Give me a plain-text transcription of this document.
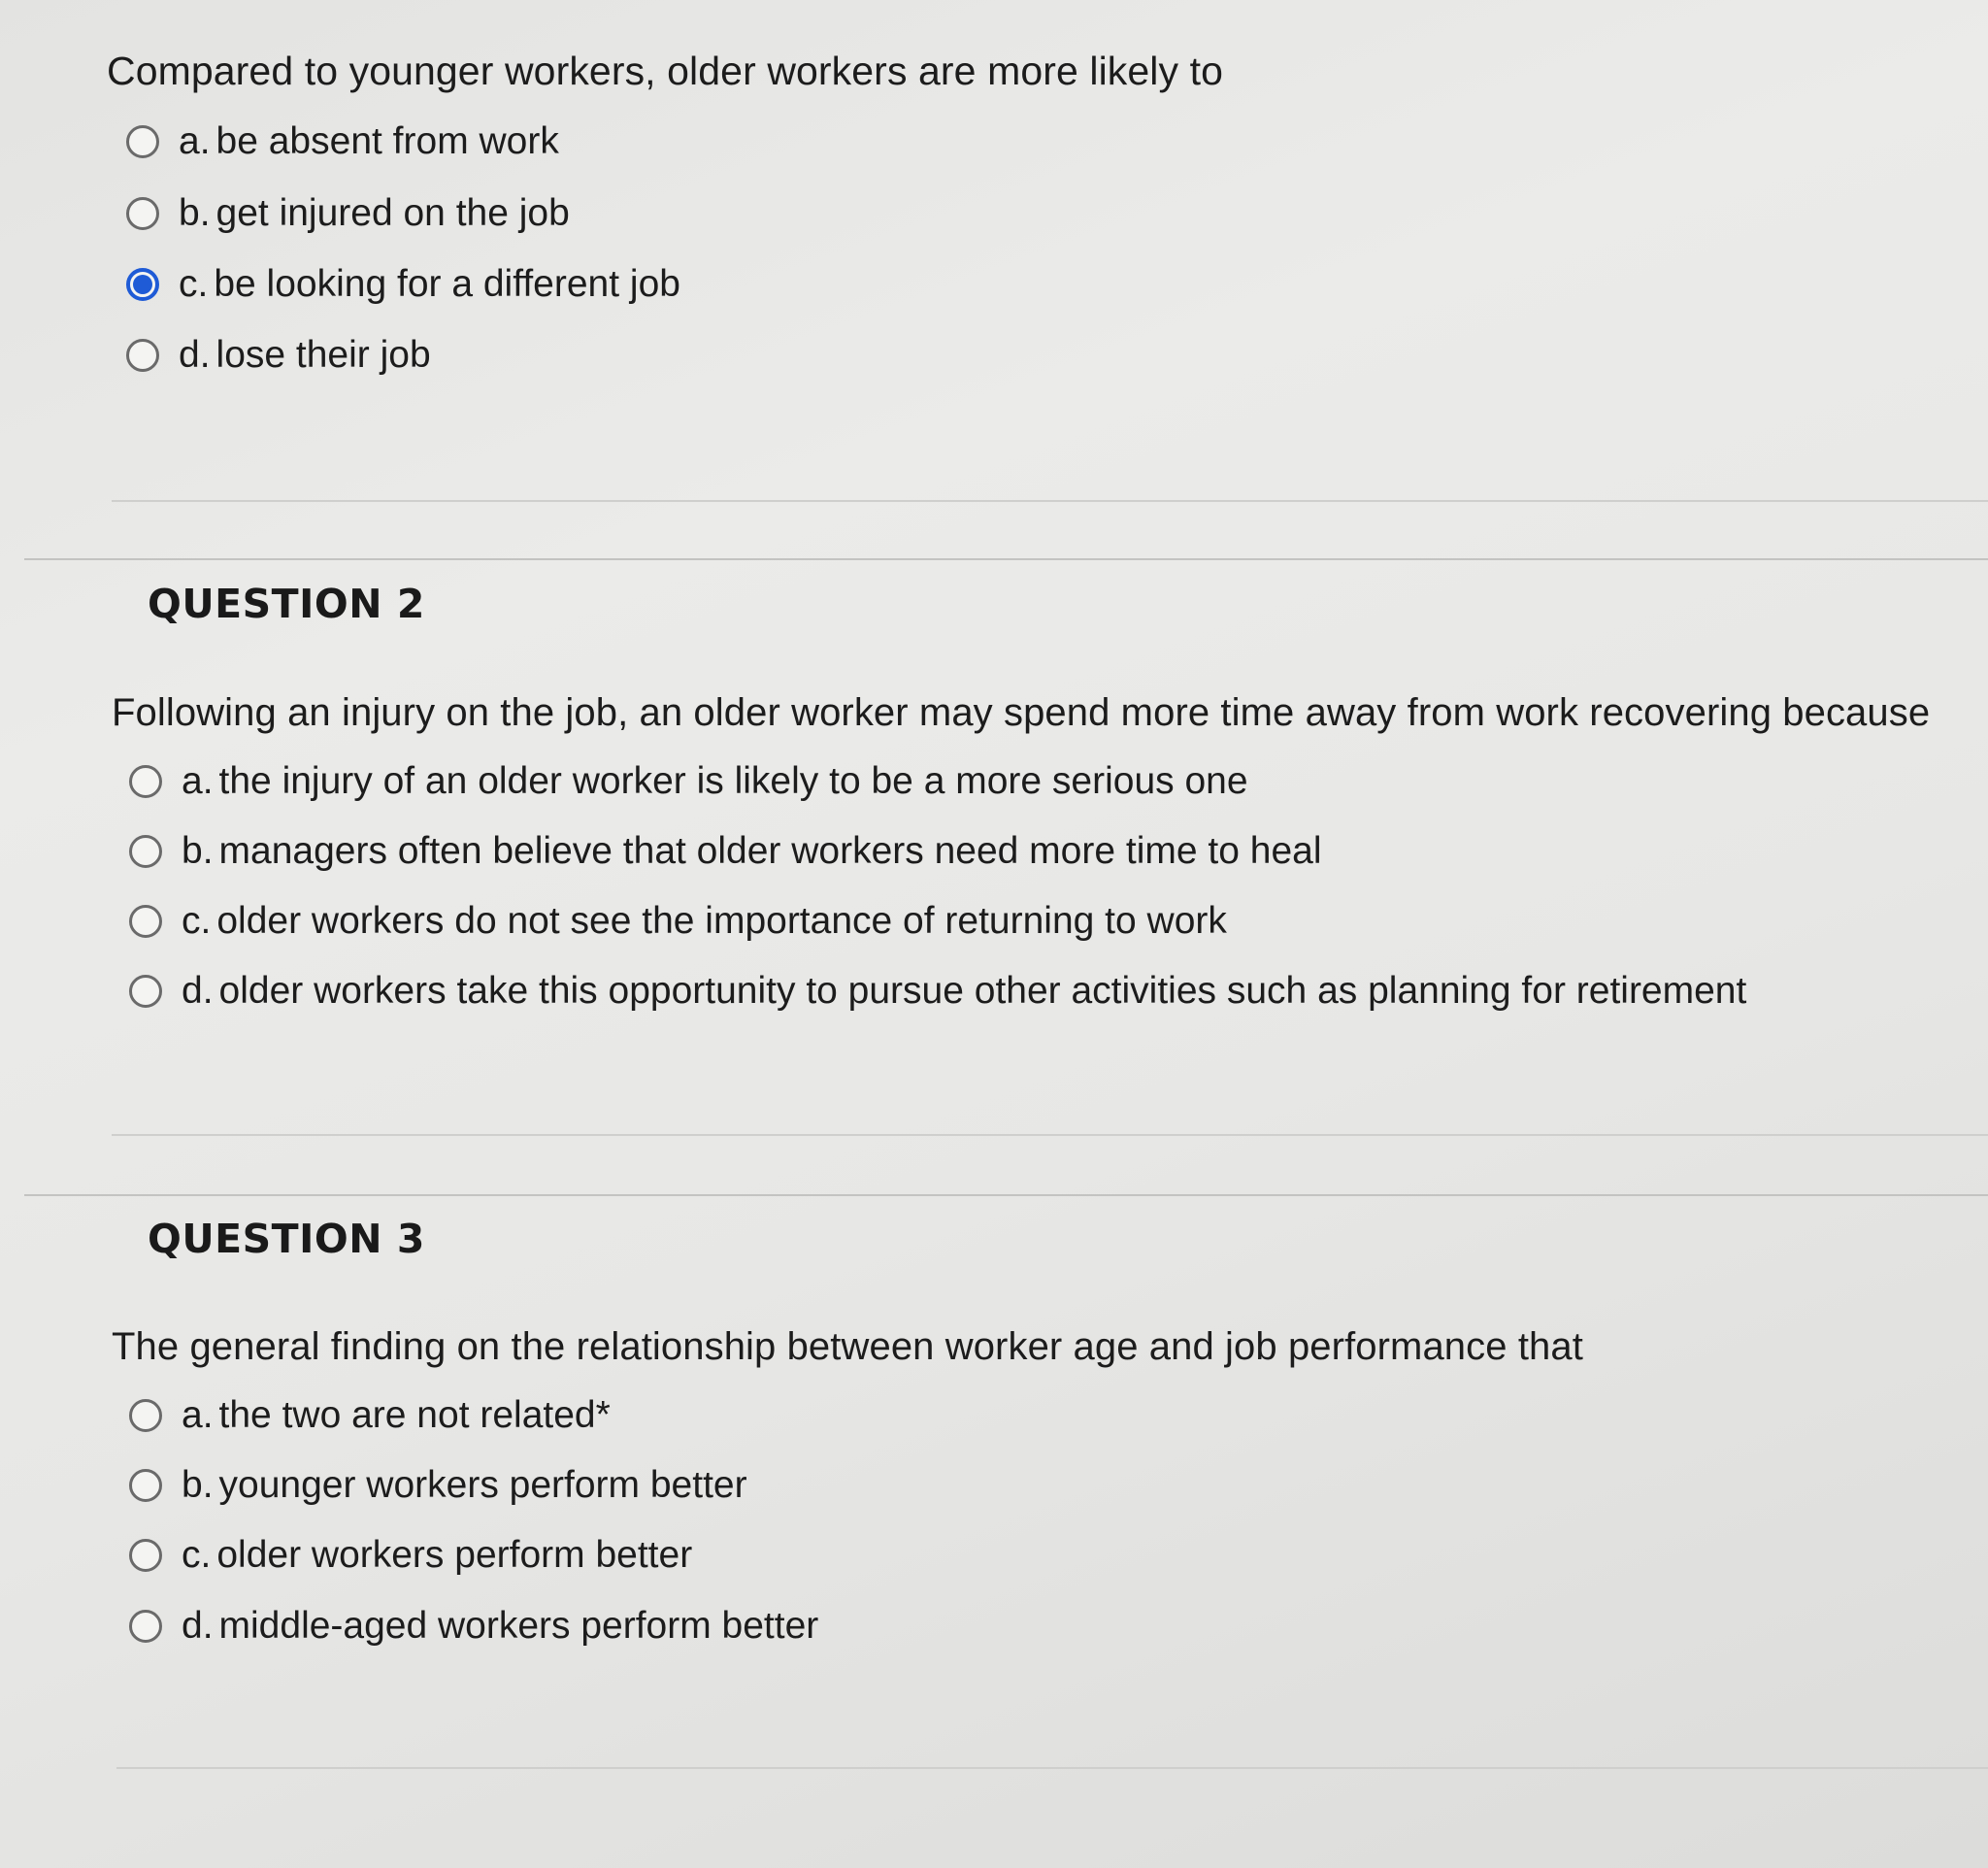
Compared to younger workers, older workers are more likely to
a. be absent from work
b. get injured on the job
c. be looking for a different job
d. lose their job
QUESTION 2
Following an injury on the job, an older worker may spend more time away from work recovering because
a. the injury of an older worker is likely to be a more serious one
b. managers often believe that older workers need more time to heal
c. older workers do not see the importance of returning to work
d. older workers take this opportunity to pursue other activities such as planning for retirement
QUESTION 3
The general finding on the relationship between worker age and job performance that
a. the two are not related*
b. younger workers perform better
c. older workers perform better
d. middle-aged workers perform better
